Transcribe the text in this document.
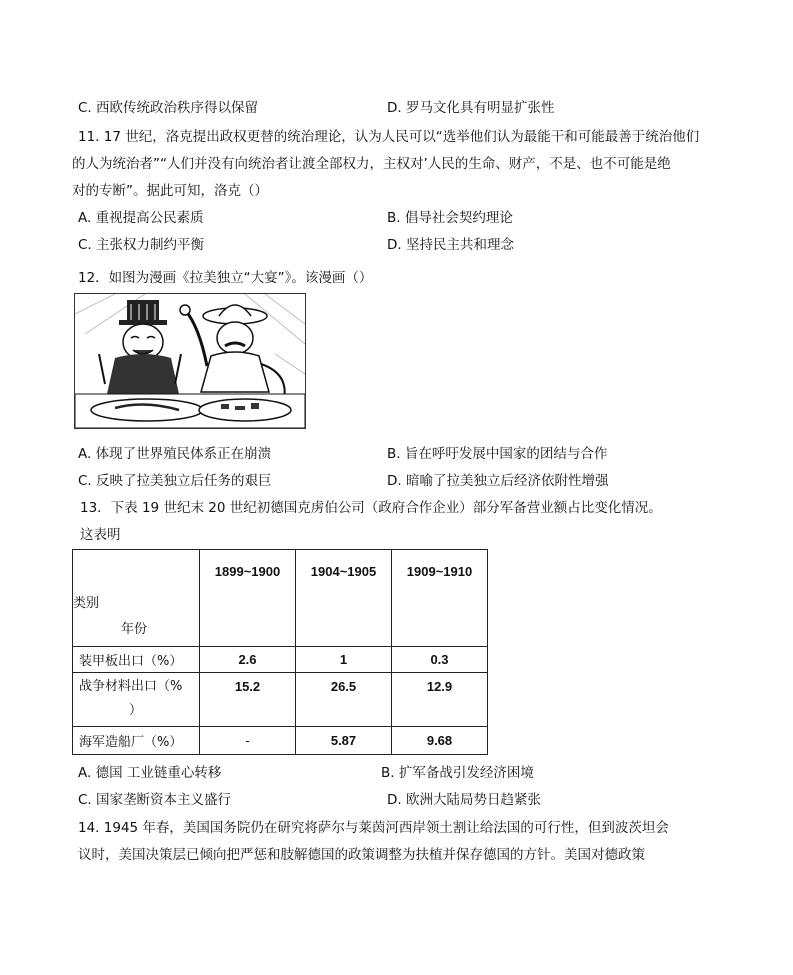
C. 西欧传统政治秩序得以保留	D. 罗马文化具有明显扩张性
11. 17 世纪，洛克提出政权更替的统治理论，认为人民可以“选举他们认为最能干和可能最善于统治他们
的人为统治者”“人们并没有向统治者让渡全部权力，主权对’人民的生命、财产，不是、也不可能是绝
对的专断”。据此可知，洛克（）
A. 重视提高公民素质	B. 倡导社会契约理论
C. 主张权力制约平衡	D. 坚持民主共和理念
12．如图为漫画《拉美独立“大宴”》。该漫画（）
A. 体现了世界殖民体系正在崩溃	B. 旨在呼吁发展中国家的团结与合作
C. 反映了拉美独立后任务的艰巨	D. 暗喻了拉美独立后经济依附性增强
13．下表 19 世纪末 20 世纪初德国克虏伯公司（政府合作企业）部分军备营业额占比变化情况。
这表明
类别
年份	1899~1900	1904~1905	1909~1910
装甲板出口（%）	2.6	1	0.3

战争材料出口（%
）	15.2	26.5	12.9
海军造船厂（%）	-	5.87	9.68
A. 德国 工业链重心转移	B. 扩军备战引发经济困境
C. 国家垄断资本主义盛行	D. 欧洲大陆局势日趋紧张
14. 1945 年春，美国国务院仍在研究将萨尔与莱茵河西岸领土割让给法国的可行性，但到波茨坦会
议时，美国决策层已倾向把严惩和肢解德国的政策调整为扶植并保存德国的方针。美国对德政策
